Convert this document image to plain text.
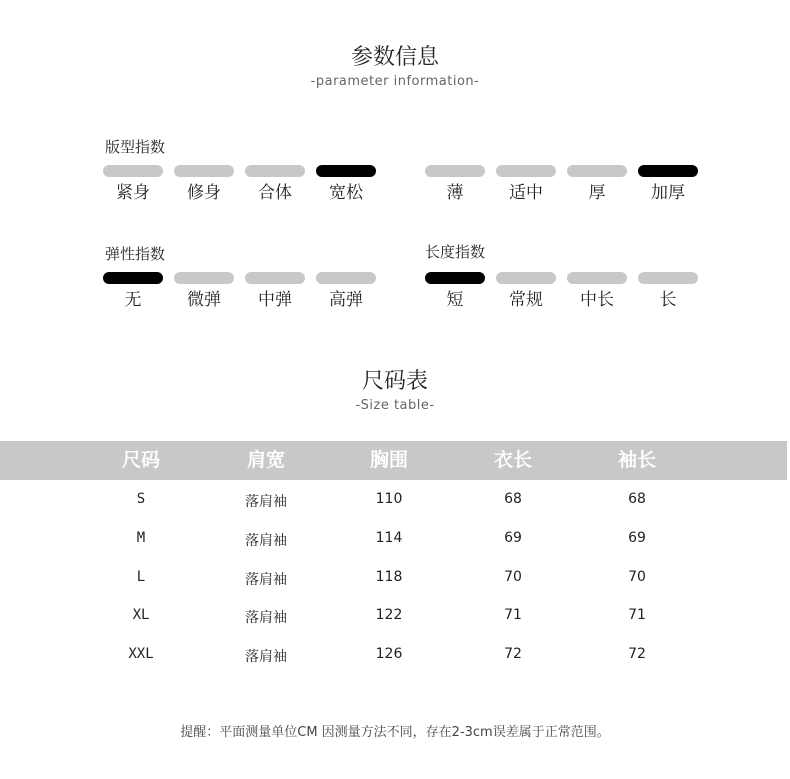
参数信息
-parameter information-
版型指数
紧身	修身	合体	宽松	薄	适中	厚	加厚
弹性指数
无	微弹	中弹	高弹
长度指数
短	常规	中长	长
尺码表
-Size table-
尺码	肩宽	胸围	衣长	袖长
S	落肩袖	110	68	68
M	落肩袖	114	69	69
L	落肩袖	118	70	70
XL	落肩袖	122	71	71
XXL	落肩袖	126	72	72
提醒：平面测量单位CM 因测量方法不同，存在2-3cm误差属于正常范围。
